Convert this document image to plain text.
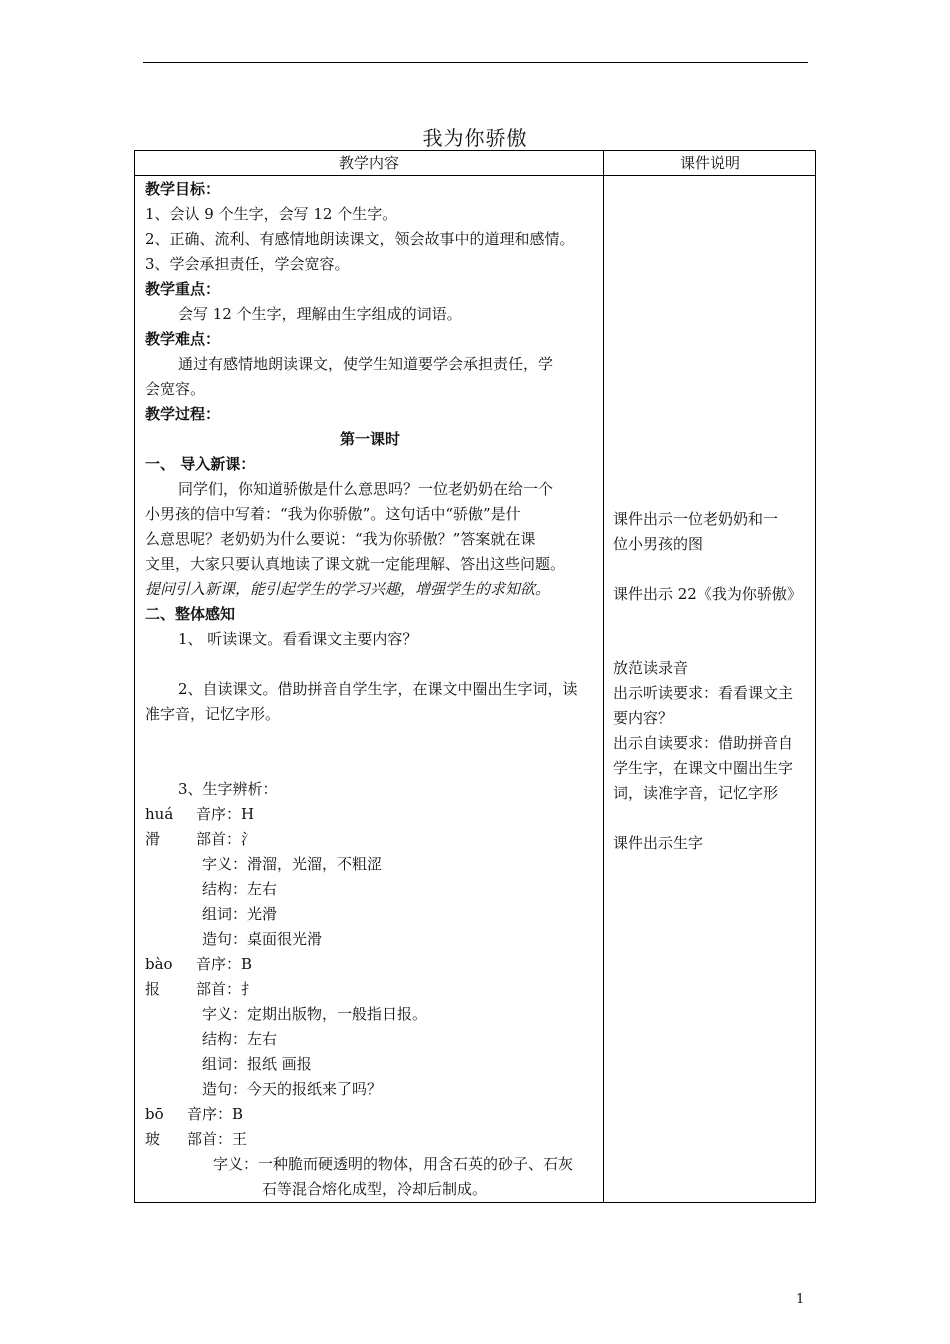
我为你骄傲
教学内容	课件说明
教学目标：
1、会认 9 个生字，会写 12 个生字。
2、正确、流利、有感情地朗读课文，领会故事中的道理和感情。
3、学会承担责任，学会宽容。
教学重点：
会写 12 个生字，理解由生字组成的词语。
教学难点：
通过有感情地朗读课文，使学生知道要学会承担责任，学
会宽容。
教学过程：
第一课时
一、 导入新课：
同学们，你知道骄傲是什么意思吗？一位老奶奶在给一个
小男孩的信中写着：“我为你骄傲”。这句话中“骄傲”是什
么意思呢？老奶奶为什么要说：“我为你骄傲？”答案就在课
文里，大家只要认真地读了课文就一定能理解、答出这些问题。
提问引入新课，能引起学生的学习兴趣，增强学生的求知欲。
二、整体感知
1、 听读课文。看看课文主要内容？
2、自读课文。借助拼音自学生字，在课文中圈出生字词，读
准字音，记忆字形。
3、生字辨析：
huá 音序：H
滑 部首：氵
字义：滑溜，光溜，不粗涩
结构：左右
组词：光滑
造句：桌面很光滑
bào 音序：B
报 部首：扌
字义：定期出版物，一般指日报。
结构：左右
组词：报纸 画报
造句：今天的报纸来了吗？
bō 音序：B
玻 部首：王
字义：一种脆而硬透明的物体，用含石英的砂子、石灰
石等混合熔化成型，冷却后制成。
课件出示一位老奶奶和一
位小男孩的图
课件出示 22《我为你骄傲》
放范读录音
出示听读要求：看看课文主
要内容？
出示自读要求：借助拼音自
学生字，在课文中圈出生字
词，读准字音，记忆字形
课件出示生字
1
